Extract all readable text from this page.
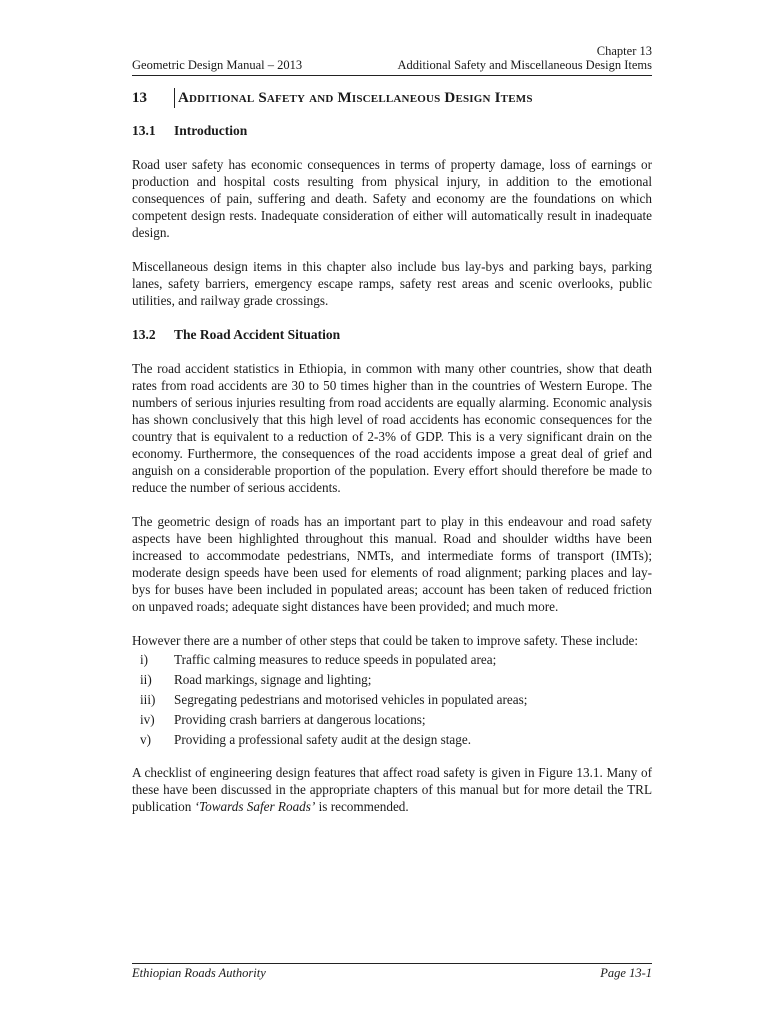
Chapter 13
Geometric Design Manual – 2013	Additional Safety and Miscellaneous Design Items
13	Additional Safety and Miscellaneous Design Items
13.1	Introduction

Road user safety has economic consequences in terms of property damage, loss of earnings or production and hospital costs resulting from physical injury, in addition to the emotional consequences of pain, suffering and death. Safety and economy are the foundations on which competent design rests. Inadequate consideration of either will automatically result in inadequate design.

Miscellaneous design items in this chapter also include bus lay-bys and parking bays, parking lanes, safety barriers, emergency escape ramps, safety rest areas and scenic overlooks, public utilities, and railway grade crossings.

13.2	The Road Accident Situation

The road accident statistics in Ethiopia, in common with many other countries, show that death rates from road accidents are 30 to 50 times higher than in the countries of Western Europe. The numbers of serious injuries resulting from road accidents are equally alarming. Economic analysis has shown conclusively that this high level of road accidents has economic consequences for the country that is equivalent to a reduction of 2-3% of GDP. This is a very significant drain on the economy. Furthermore, the consequences of the road accidents impose a great deal of grief and anguish on a considerable proportion of the population. Every effort should therefore be made to reduce the number of serious accidents.

The geometric design of roads has an important part to play in this endeavour and road safety aspects have been highlighted throughout this manual. Road and shoulder widths have been increased to accommodate pedestrians, NMTs, and intermediate forms of transport (IMTs); moderate design speeds have been used for elements of road alignment; parking places and lay-bys for buses have been included in populated areas; account has been taken of reduced friction on unpaved roads; adequate sight distances have been provided; and much more.

However there are a number of other steps that could be taken to improve safety. These include:

i)	Traffic calming measures to reduce speeds in populated area;
ii)	Road markings, signage and lighting;
iii)	Segregating pedestrians and motorised vehicles in populated areas;
iv)	Providing crash barriers at dangerous locations;
v)	Providing a professional safety audit at the design stage.

A checklist of engineering design features that affect road safety is given in Figure 13.1. Many of these have been discussed in the appropriate chapters of this manual but for more detail the TRL publication ‘Towards Safer Roads’ is recommended.

Ethiopian Roads Authority	Page 13-1
